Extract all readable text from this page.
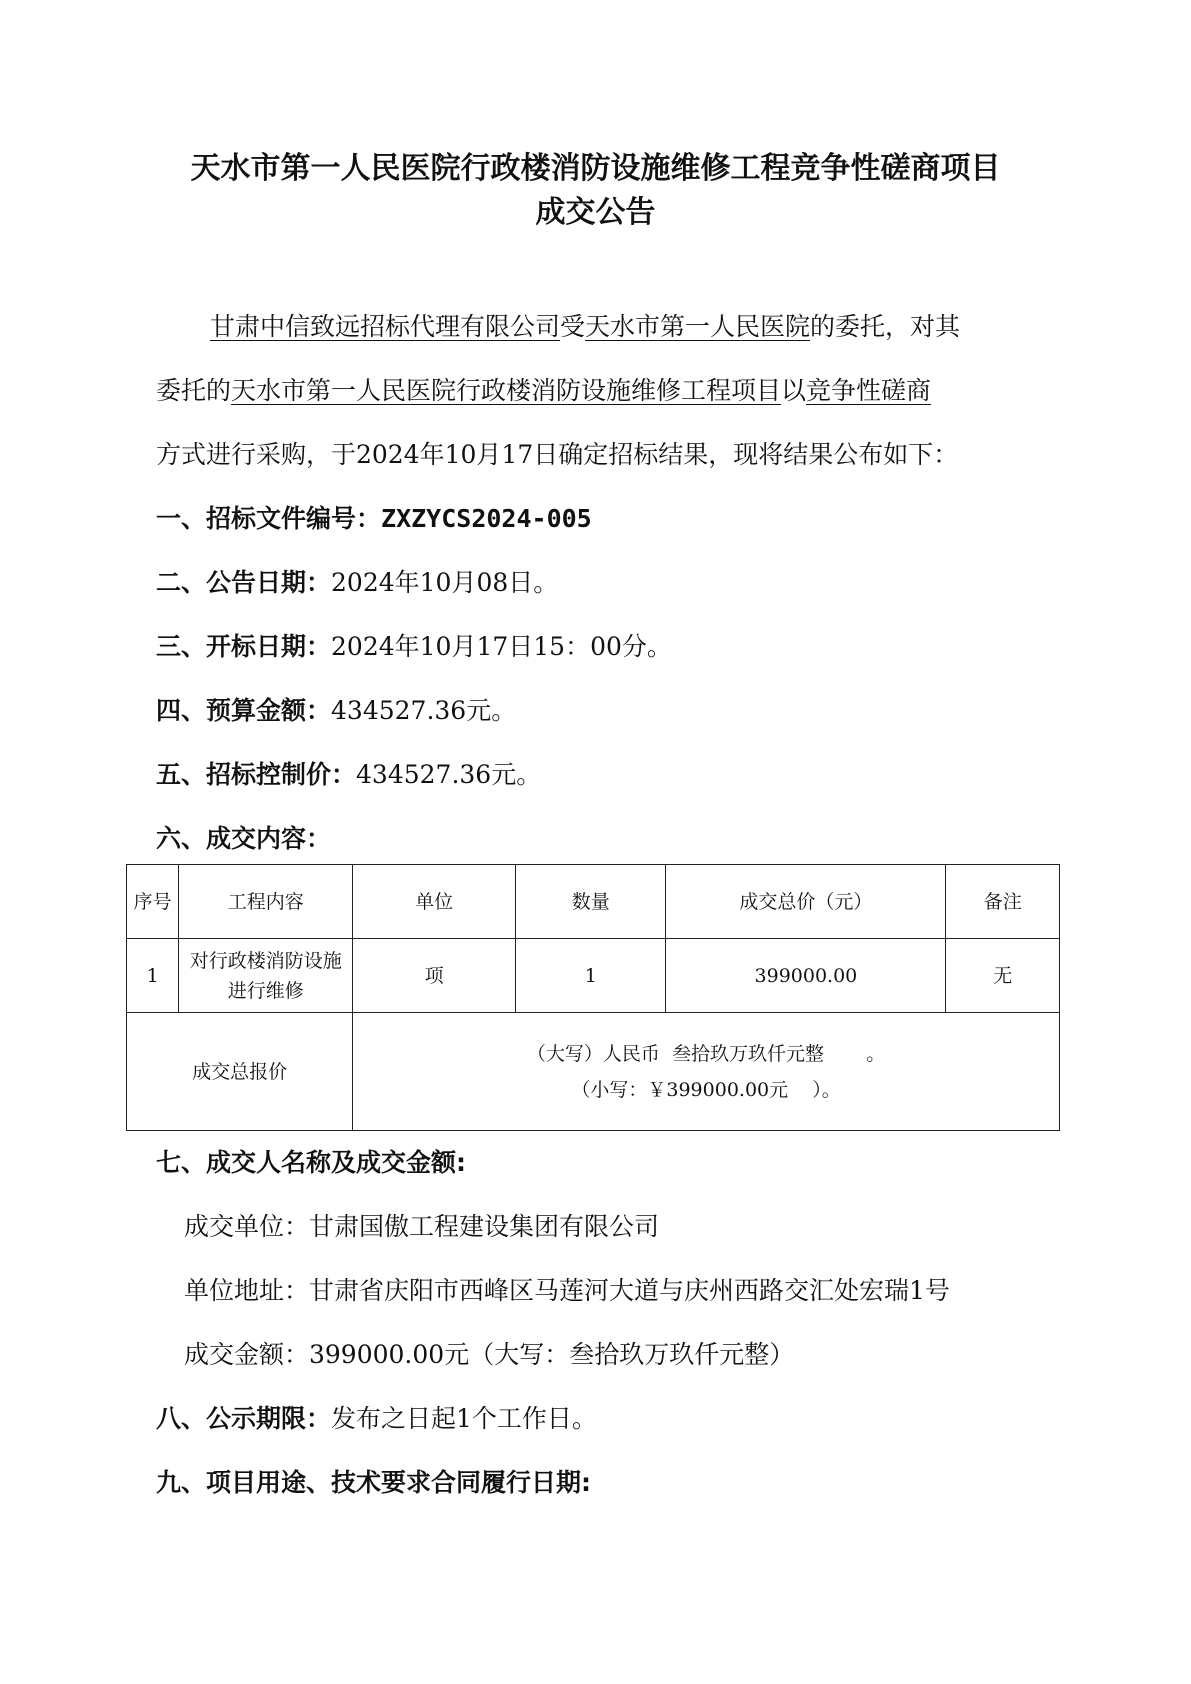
天水市第一人民医院行政楼消防设施维修工程竞争性磋商项目
成交公告
甘肃中信致远招标代理有限公司受天水市第一人民医院的委托，对其
委托的天水市第一人民医院行政楼消防设施维修工程项目以竞争性磋商
方式进行采购，于2024年10月17日确定招标结果，现将结果公布如下：
一、招标文件编号：ZXZYCS2024-005
二、公告日期：2024年10月08日。
三、开标日期：2024年10月17日15：00分。
四、预算金额：434527.36元。
五、招标控制价：434527.36元。
六、成交内容：
序号	工程内容	单位	数量	成交总价（元）	备注
1	对行政楼消防设施进行维修	项	1	399000.00	无
成交总报价		（大写）人民币  叁拾玖万玖仟元整       。
（小写：￥399000.00元    ）。			
七、成交人名称及成交金额:
成交单位：甘肃国傲工程建设集团有限公司
单位地址：甘肃省庆阳市西峰区马莲河大道与庆州西路交汇处宏瑞1号
成交金额：399000.00元（大写：叁拾玖万玖仟元整）
八、公示期限：发布之日起1个工作日。
九、项目用途、技术要求合同履行日期:
